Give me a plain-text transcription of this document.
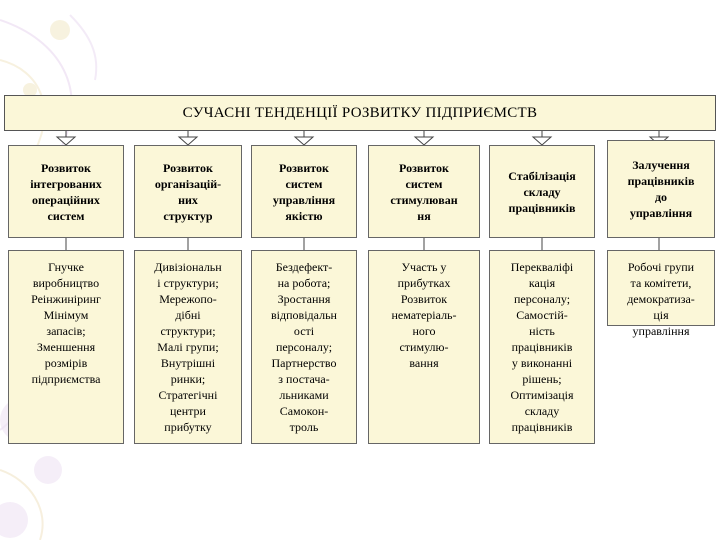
СУЧАСНІ ТЕНДЕНЦІЇ РОЗВИТКУ ПІДПРИЄМСТВ
Розвиток
інтегрованих
операційних
систем
Гнучке
виробництво
Реінжиніринг
Мінімум
запасів;
Зменшення
розмірів
підприємства
Розвиток
організацій-
них
структур
Дивізіональн
і структури;
Мережопо-
дібні
структури;
Малі групи;
Внутрішні
ринки;
Стратегічні
центри
прибутку
Розвиток
систем
управління
якістю
Бездефект-
на робота;
Зростання
відповідальн
ості
персоналу;
Партнерство
з постача-
льниками
Самокон-
троль
Розвиток
систем
стимулюван
ня
Участь у
прибутках
Розвиток
нематеріаль-
ного
стимулю-
вання
Стабілізація
складу
працівників
Перекваліфі
кація
персоналу;
Самостій-
ність
працівників
у виконанні
рішень;
Оптимізація
складу
працівників
Залучення
працівників
до
управління
Робочі групи
та комітети,
демократиза-
ція
управління
